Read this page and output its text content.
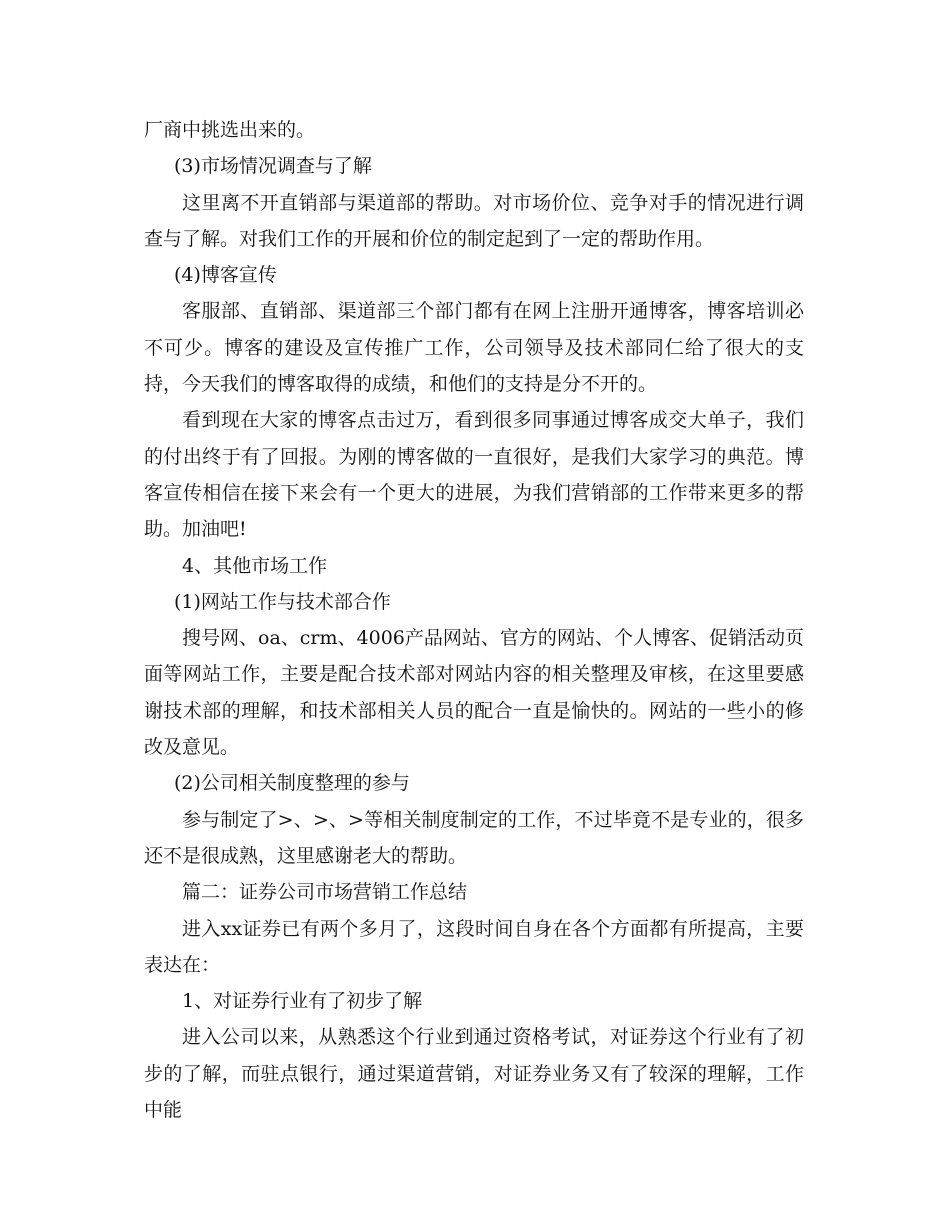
厂商中挑选出来的。

(3)市场情况调查与了解

这里离不开直销部与渠道部的帮助。对市场价位、竞争对手的情况进行调查与了解。对我们工作的开展和价位的制定起到了一定的帮助作用。

(4)博客宣传

客服部、直销部、渠道部三个部门都有在网上注册开通博客，博客培训必不可少。博客的建设及宣传推广工作，公司领导及技术部同仁给了很大的支持，今天我们的博客取得的成绩，和他们的支持是分不开的。

看到现在大家的博客点击过万，看到很多同事通过博客成交大单子，我们的付出终于有了回报。为刚的博客做的一直很好，是我们大家学习的典范。博客宣传相信在接下来会有一个更大的进展，为我们营销部的工作带来更多的帮助。加油吧!

4、其他市场工作

(1)网站工作与技术部合作

搜号网、oa、crm、4006产品网站、官方的网站、个人博客、促销活动页面等网站工作，主要是配合技术部对网站内容的相关整理及审核，在这里要感谢技术部的理解，和技术部相关人员的配合一直是愉快的。网站的一些小的修改及意见。

(2)公司相关制度整理的参与

参与制定了>、>、>等相关制度制定的工作，不过毕竟不是专业的，很多还不是很成熟，这里感谢老大的帮助。

篇二：证券公司市场营销工作总结

进入xx证券已有两个多月了，这段时间自身在各个方面都有所提高，主要表达在：

1、对证券行业有了初步了解

进入公司以来，从熟悉这个行业到通过资格考试，对证券这个行业有了初步的了解，而驻点银行，通过渠道营销，对证券业务又有了较深的理解，工作中能
